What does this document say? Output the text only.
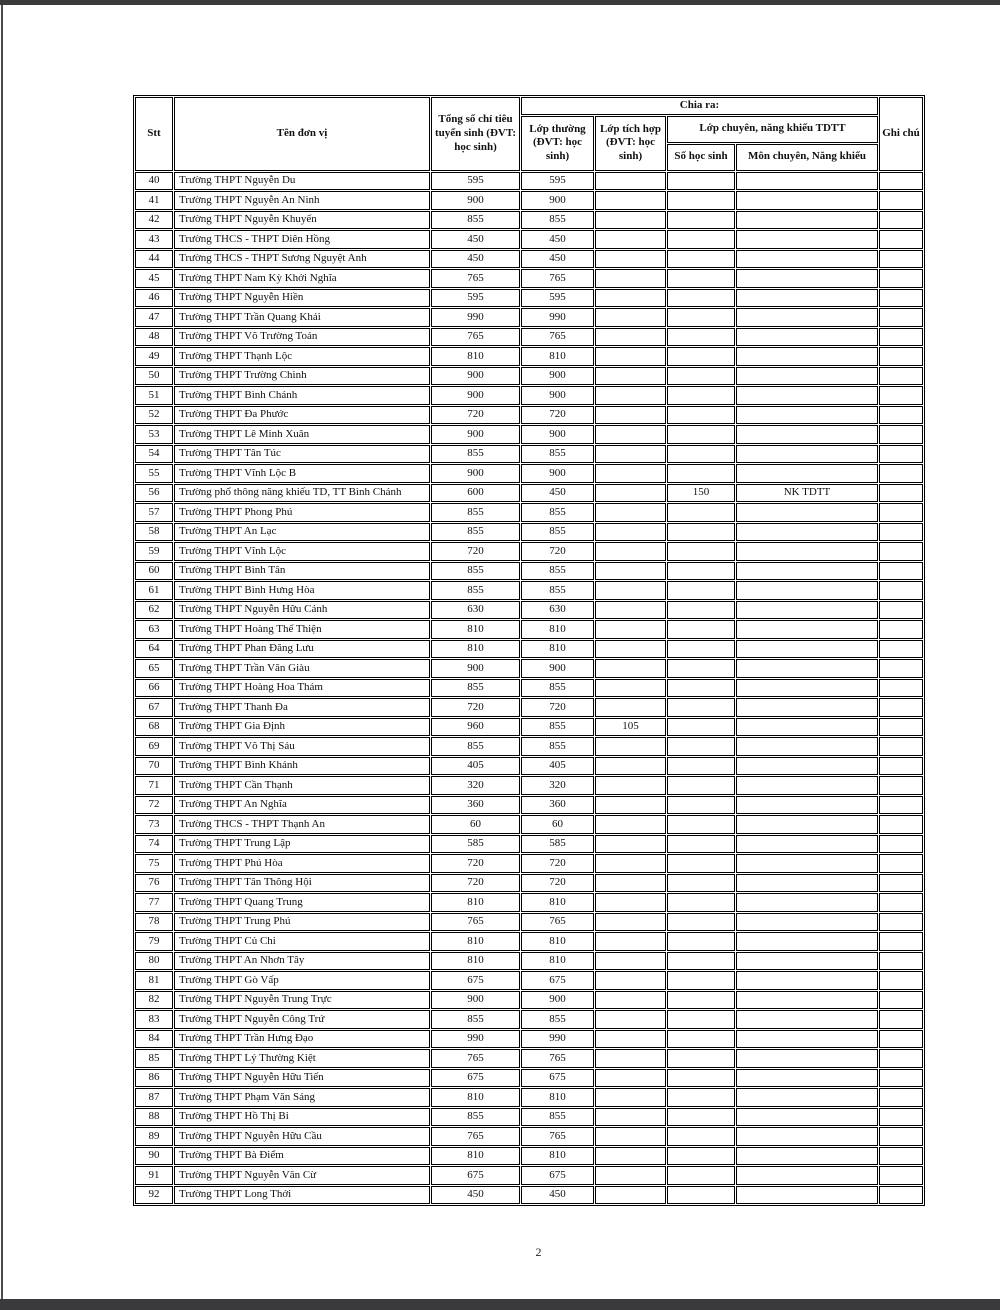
Stt	Tên đơn vị	Tổng số chỉ tiêu tuyển sinh (ĐVT: học sinh)	Chia ra:				Ghi chú
			Lớp thường (ĐVT: học sinh)	Lớp tích hợp (ĐVT: học sinh)	Lớp chuyên, năng khiếu TDTT		
					Số học sinh	Môn chuyên, Năng khiếu	
40	Trường THPT Nguyễn Du	595	595				
41	Trường THPT Nguyễn An Ninh	900	900				
42	Trường THPT Nguyễn Khuyến	855	855				
43	Trường THCS - THPT Diên Hồng	450	450				
44	Trường THCS - THPT Sương Nguyệt Anh	450	450				
45	Trường THPT Nam Kỳ Khởi Nghĩa	765	765				
46	Trường THPT Nguyễn Hiền	595	595				
47	Trường THPT Trần Quang Khải	990	990				
48	Trường THPT Võ Trường Toản	765	765				
49	Trường THPT Thạnh Lộc	810	810				
50	Trường THPT Trường Chinh	900	900				
51	Trường THPT Bình Chánh	900	900				
52	Trường THPT Đa Phước	720	720				
53	Trường THPT Lê Minh Xuân	900	900				
54	Trường THPT Tân Túc	855	855				
55	Trường THPT Vĩnh Lộc B	900	900				
56	Trường phổ thông năng khiếu TD, TT Bình Chánh	600	450		150	NK TDTT	
57	Trường THPT Phong Phú	855	855				
58	Trường THPT An Lạc	855	855				
59	Trường THPT Vĩnh Lộc	720	720				
60	Trường THPT Bình Tân	855	855				
61	Trường THPT Bình Hưng Hòa	855	855				
62	Trường THPT Nguyễn Hữu Cảnh	630	630				
63	Trường THPT Hoàng Thế Thiện	810	810				
64	Trường THPT Phan Đăng Lưu	810	810				
65	Trường THPT Trần Văn Giàu	900	900				
66	Trường THPT Hoàng Hoa Thám	855	855				
67	Trường THPT Thanh Đa	720	720				
68	Trường THPT Gia Định	960	855	105			
69	Trường THPT Võ Thị Sáu	855	855				
70	Trường THPT Bình Khánh	405	405				
71	Trường THPT Cần Thạnh	320	320				
72	Trường THPT An Nghĩa	360	360				
73	Trường THCS - THPT Thạnh An	60	60				
74	Trường THPT Trung Lập	585	585				
75	Trường THPT Phú Hòa	720	720				
76	Trường THPT Tân Thông Hội	720	720				
77	Trường THPT Quang Trung	810	810				
78	Trường THPT Trung Phú	765	765				
79	Trường THPT Củ Chi	810	810				
80	Trường THPT An Nhơn Tây	810	810				
81	Trường THPT Gò Vấp	675	675				
82	Trường THPT Nguyễn Trung Trực	900	900				
83	Trường THPT Nguyễn Công Trứ	855	855				
84	Trường THPT Trần Hưng Đạo	990	990				
85	Trường THPT Lý Thường Kiệt	765	765				
86	Trường THPT Nguyễn Hữu Tiến	675	675				
87	Trường THPT Phạm Văn Sáng	810	810				
88	Trường THPT Hồ Thị Bi	855	855				
89	Trường THPT Nguyễn Hữu Cầu	765	765				
90	Trường THPT Bà Điểm	810	810				
91	Trường THPT Nguyễn Văn Cừ	675	675				
92	Trường THPT Long Thới	450	450				
2
